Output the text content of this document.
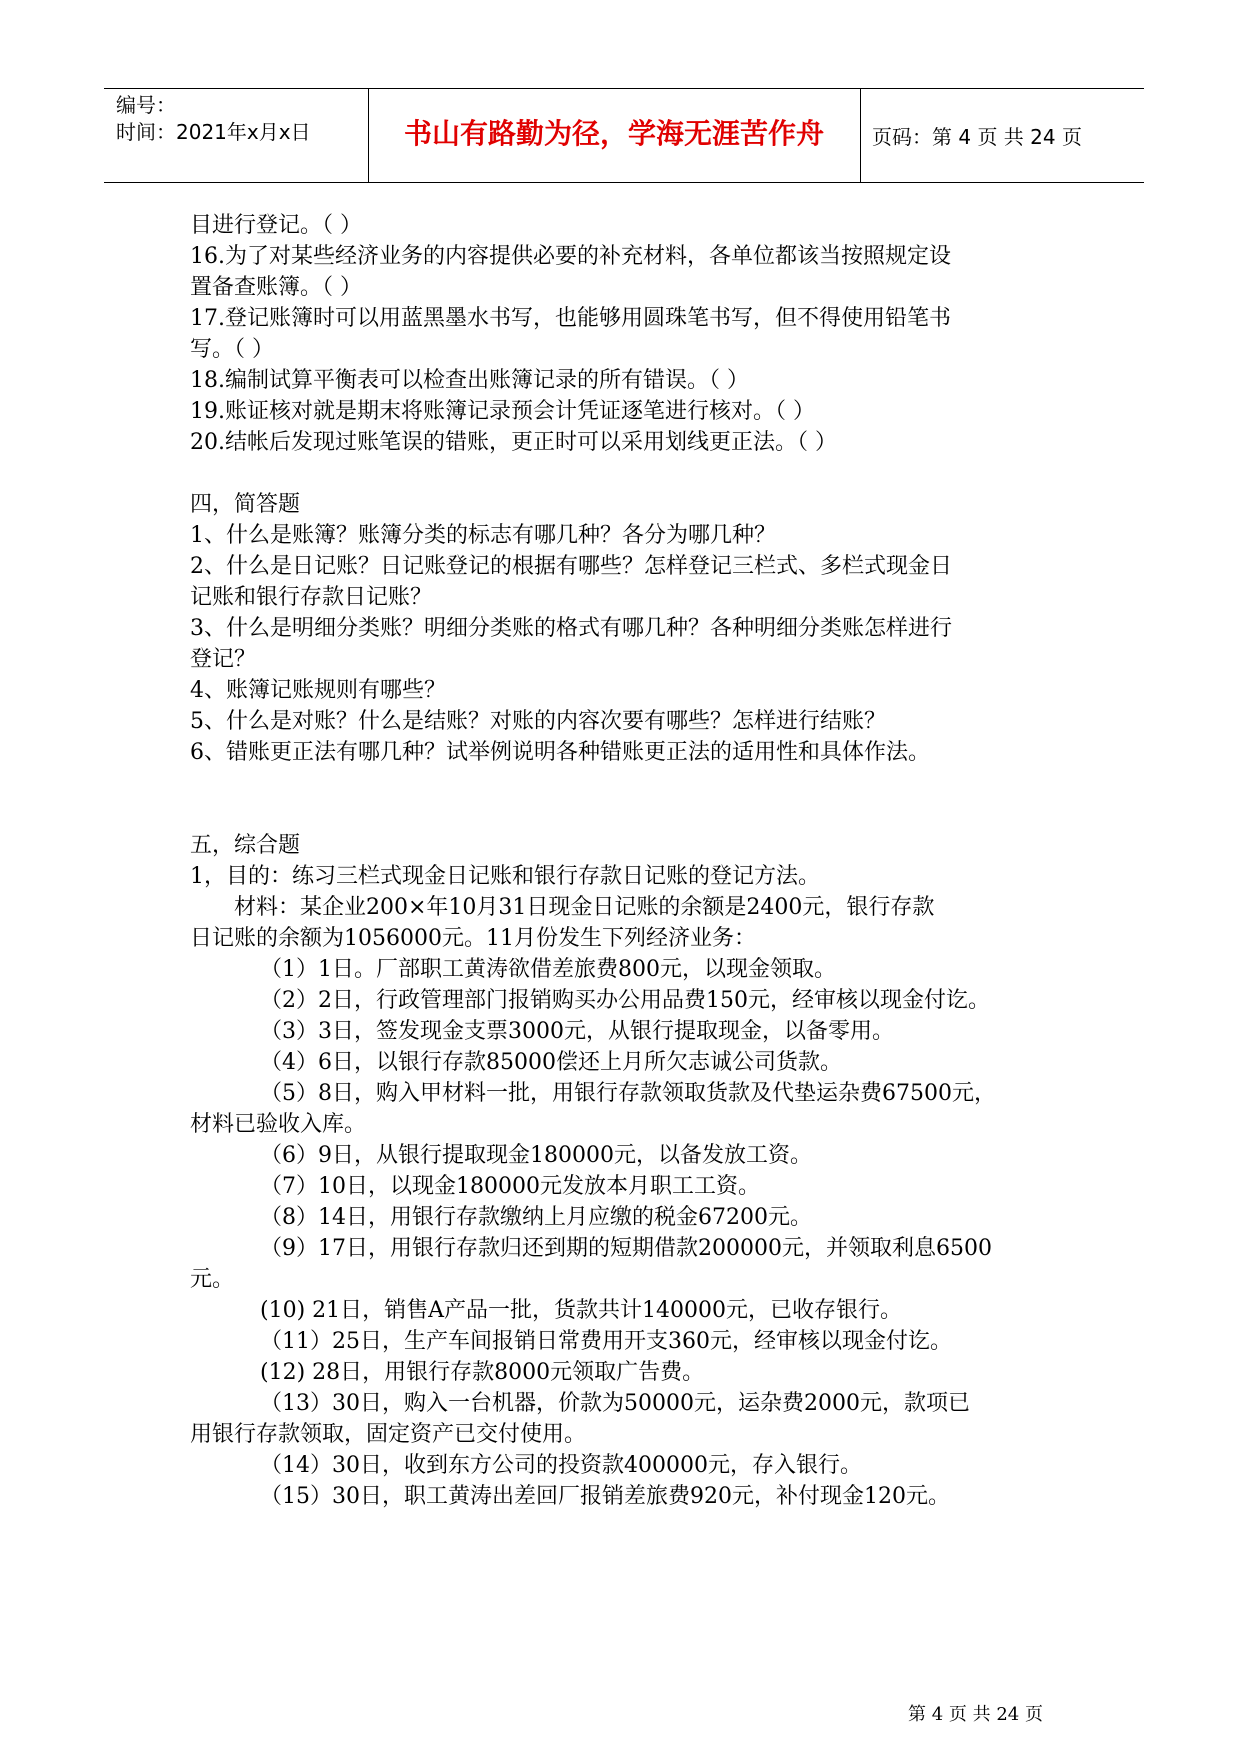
编号：
时间：2021年x月x日	书山有路勤为径，学海无涯苦作舟	页码：第 4 页 共 24 页
目进行登记。（ ）
16.为了对某些经济业务的内容提供必要的补充材料，各单位都该当按照规定设
置备查账簿。（ ）
17.登记账簿时可以用蓝黑墨水书写，也能够用圆珠笔书写，但不得使用铅笔书
写。（ ）
18.编制试算平衡表可以检查出账簿记录的所有错误。（ ）
19.账证核对就是期末将账簿记录预会计凭证逐笔进行核对。（ ）
20.结帐后发现过账笔误的错账，更正时可以采用划线更正法。（ ）
四，简答题
1、什么是账簿？账簿分类的标志有哪几种？各分为哪几种？
2、什么是日记账？日记账登记的根据有哪些？怎样登记三栏式、多栏式现金日
记账和银行存款日记账？
3、什么是明细分类账？明细分类账的格式有哪几种？各种明细分类账怎样进行
登记？
4、账簿记账规则有哪些？
5、什么是对账？什么是结账？对账的内容次要有哪些？怎样进行结账？
6、错账更正法有哪几种？试举例说明各种错账更正法的适用性和具体作法。
五，综合题
1，目的：练习三栏式现金日记账和银行存款日记账的登记方法。
材料：某企业200×年10月31日现金日记账的余额是2400元，银行存款
日记账的余额为1056000元。11月份发生下列经济业务：
（1）1日。厂部职工黄涛欲借差旅费800元，以现金领取。
（2）2日，行政管理部门报销购买办公用品费150元，经审核以现金付讫。
（3）3日，签发现金支票3000元，从银行提取现金，以备零用。
（4）6日，以银行存款85000偿还上月所欠志诚公司货款。
（5）8日，购入甲材料一批，用银行存款领取货款及代垫运杂费67500元，
材料已验收入库。
（6）9日，从银行提取现金180000元，以备发放工资。
（7）10日，以现金180000元发放本月职工工资。
（8）14日，用银行存款缴纳上月应缴的税金67200元。
（9）17日，用银行存款归还到期的短期借款200000元，并领取利息6500
元。
(10) 21日，销售A产品一批，货款共计140000元，已收存银行。
（11）25日，生产车间报销日常费用开支360元，经审核以现金付讫。
(12) 28日，用银行存款8000元领取广告费。
（13）30日，购入一台机器，价款为50000元，运杂费2000元，款项已
用银行存款领取，固定资产已交付使用。
（14）30日，收到东方公司的投资款400000元，存入银行。
（15）30日，职工黄涛出差回厂报销差旅费920元，补付现金120元。
第 4 页 共 24 页
